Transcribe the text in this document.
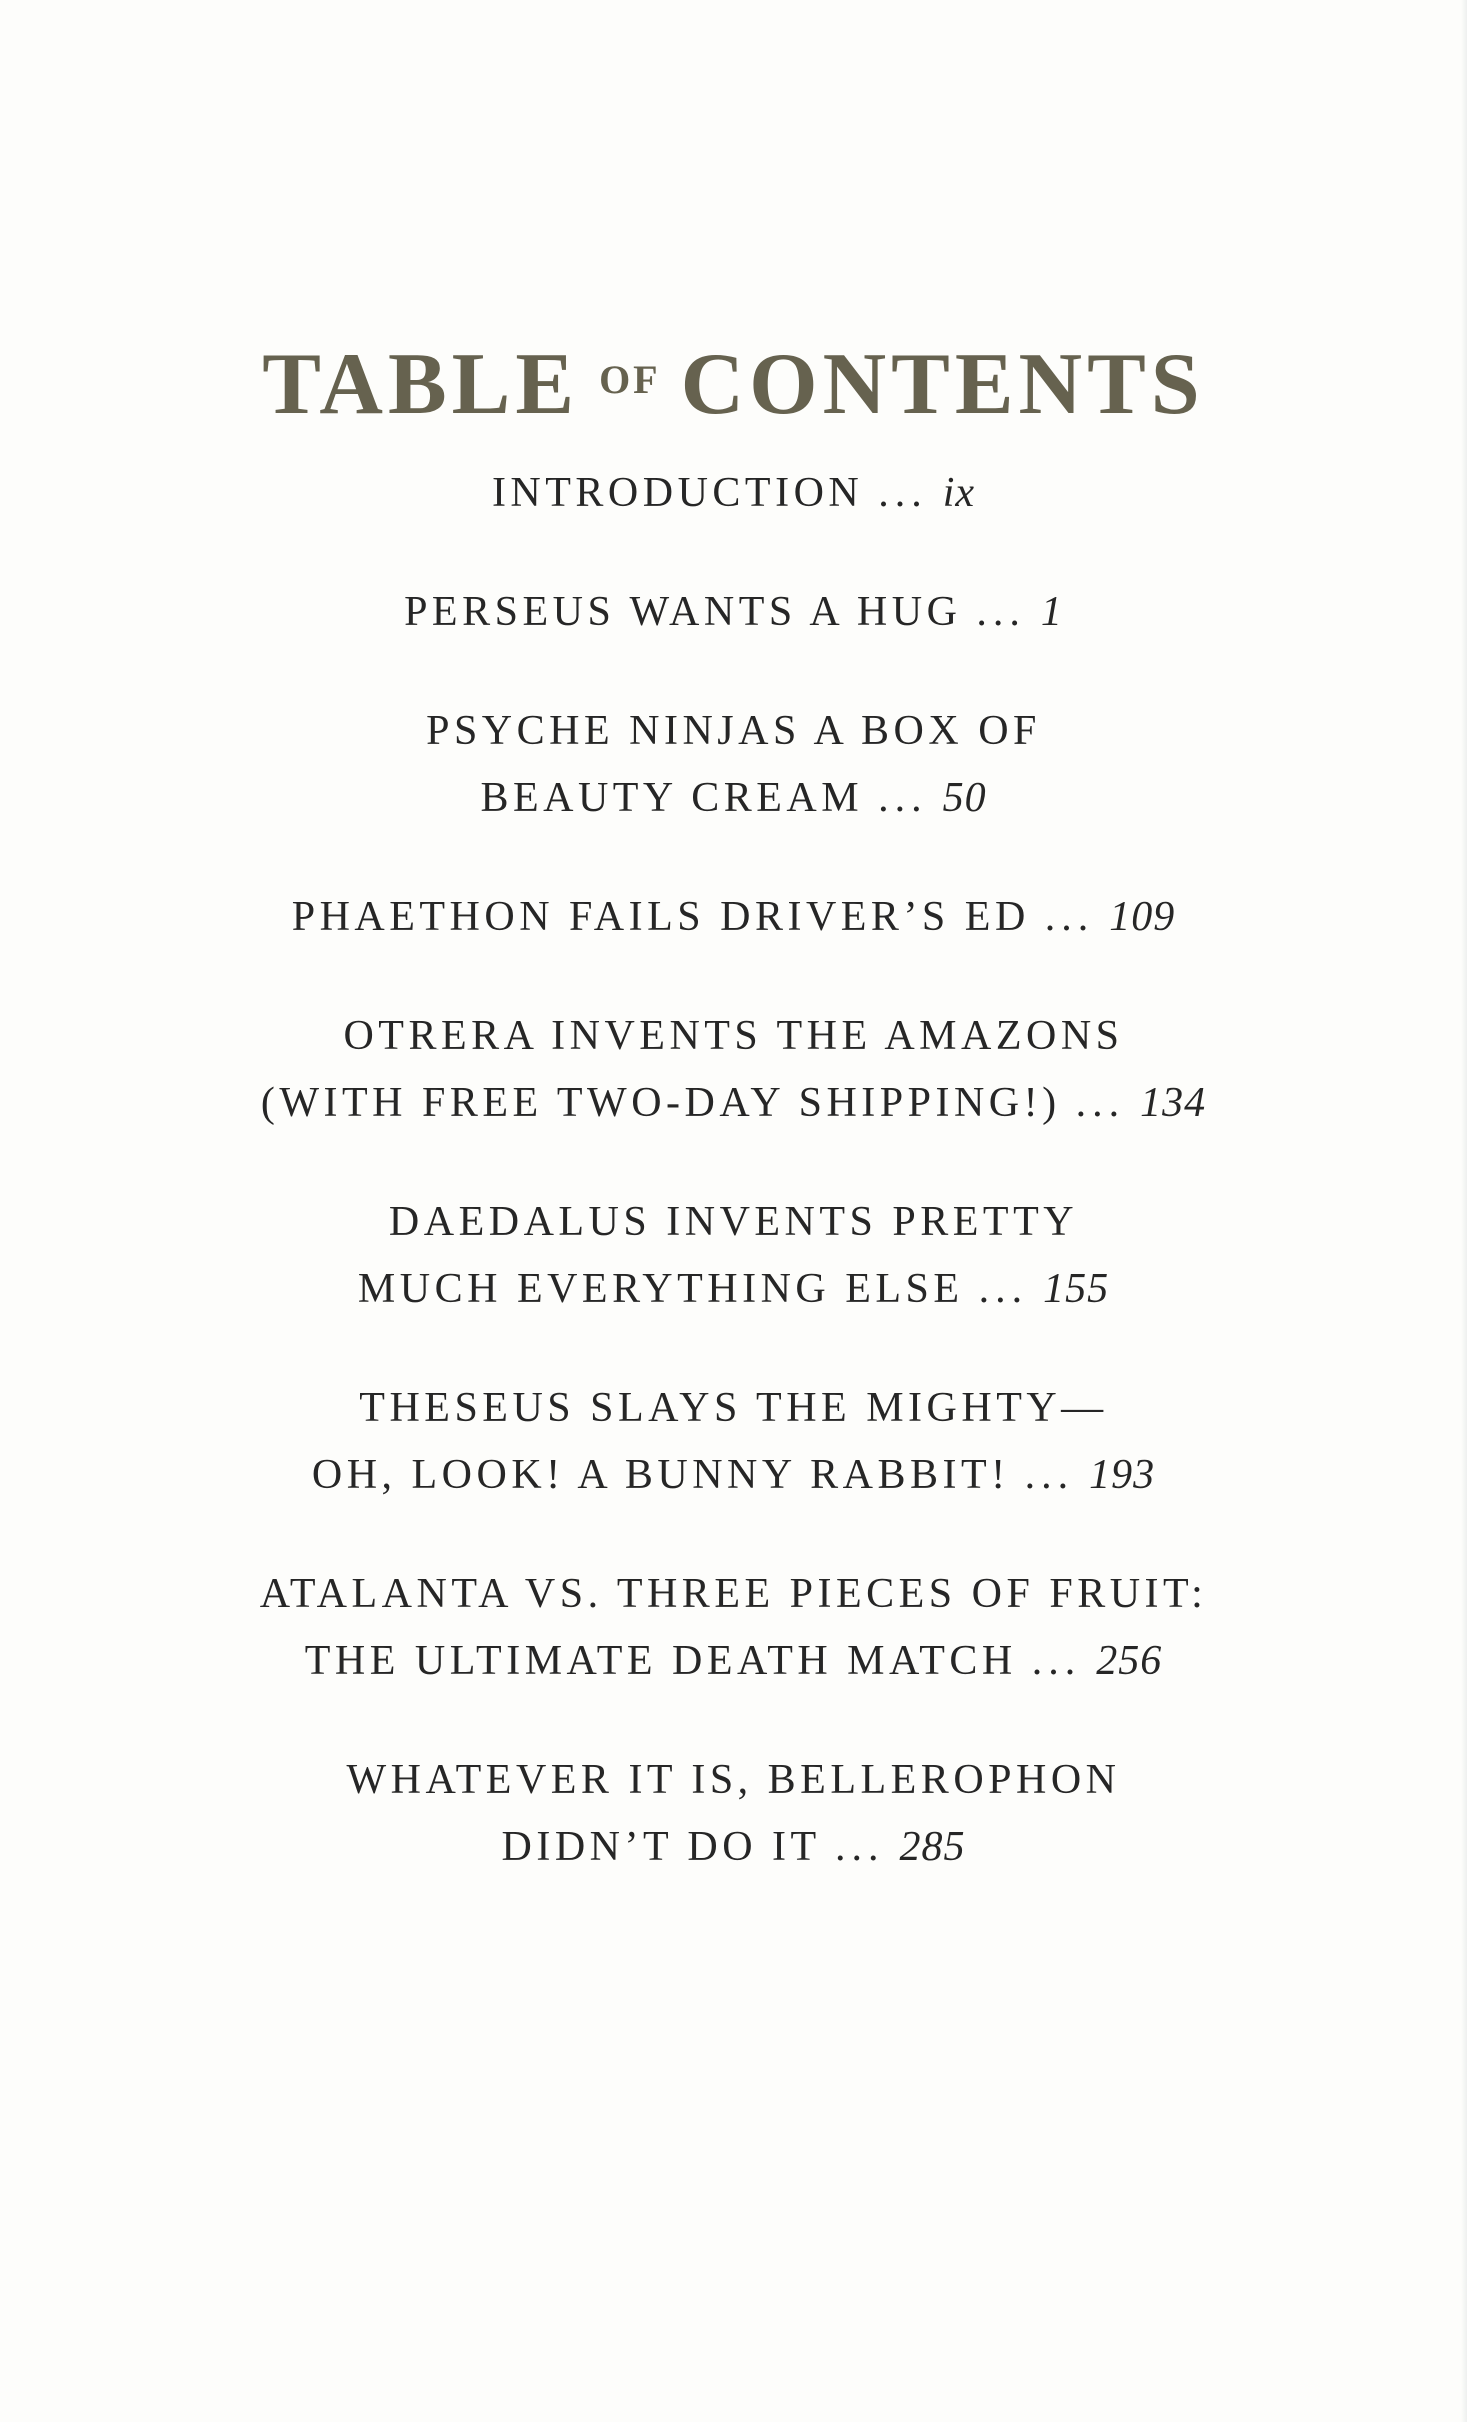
TABLE $^{OF}$ CONTENTS
INTRODUCTION ... ix
PERSEUS WANTS A HUG ... 1
PSYCHE NINJAS A BOX OF
BEAUTY CREAM ... 50
PHAETHON FAILS DRIVER’S ED ... 109
OTRERA INVENTS THE AMAZONS
(WITH FREE TWO-DAY SHIPPING!) ... 134
DAEDALUS INVENTS PRETTY
MUCH EVERYTHING ELSE ... 155
THESEUS SLAYS THE MIGHTY—
OH, LOOK! A BUNNY RABBIT! ... 193
ATALANTA VS. THREE PIECES OF FRUIT:
THE ULTIMATE DEATH MATCH ... 256
WHATEVER IT IS, BELLEROPHON
DIDN’T DO IT ... 285
